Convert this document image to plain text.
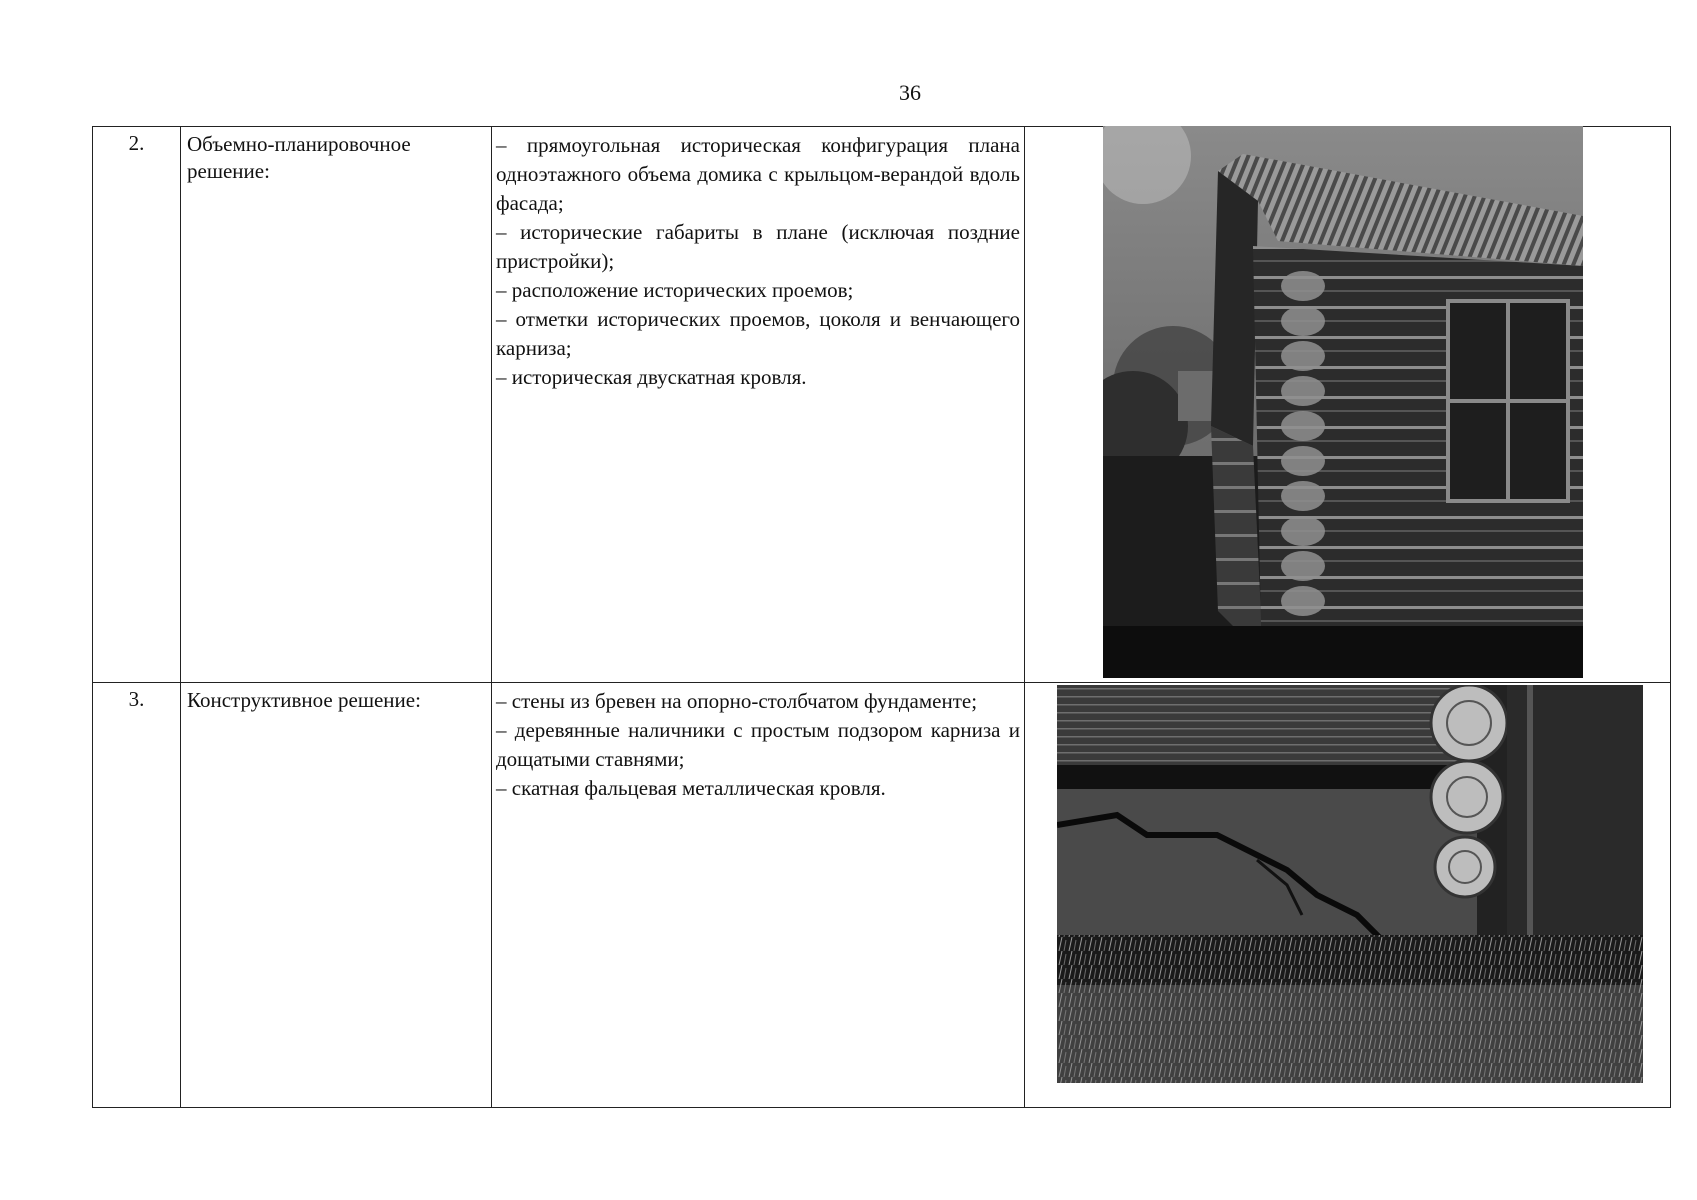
36
2.	Объемно-планировочное решение:	– прямоугольная историческая конфигурация плана одноэтажного объема домика с крыльцом-верандой вдоль фасада;

– исторические габариты в плане (исключая поздние пристройки);

– расположение исторических проемов;

– отметки исторических проемов, цоколя и венчающего карниза;

– историческая двускатная кровля.

3.	Конструктивное решение:	– стены из бревен на опорно-столбчатом фундаменте;

– деревянные наличники с простым подзором карниза и дощатыми ставнями;

– скатная фальцевая металлическая кровля.
